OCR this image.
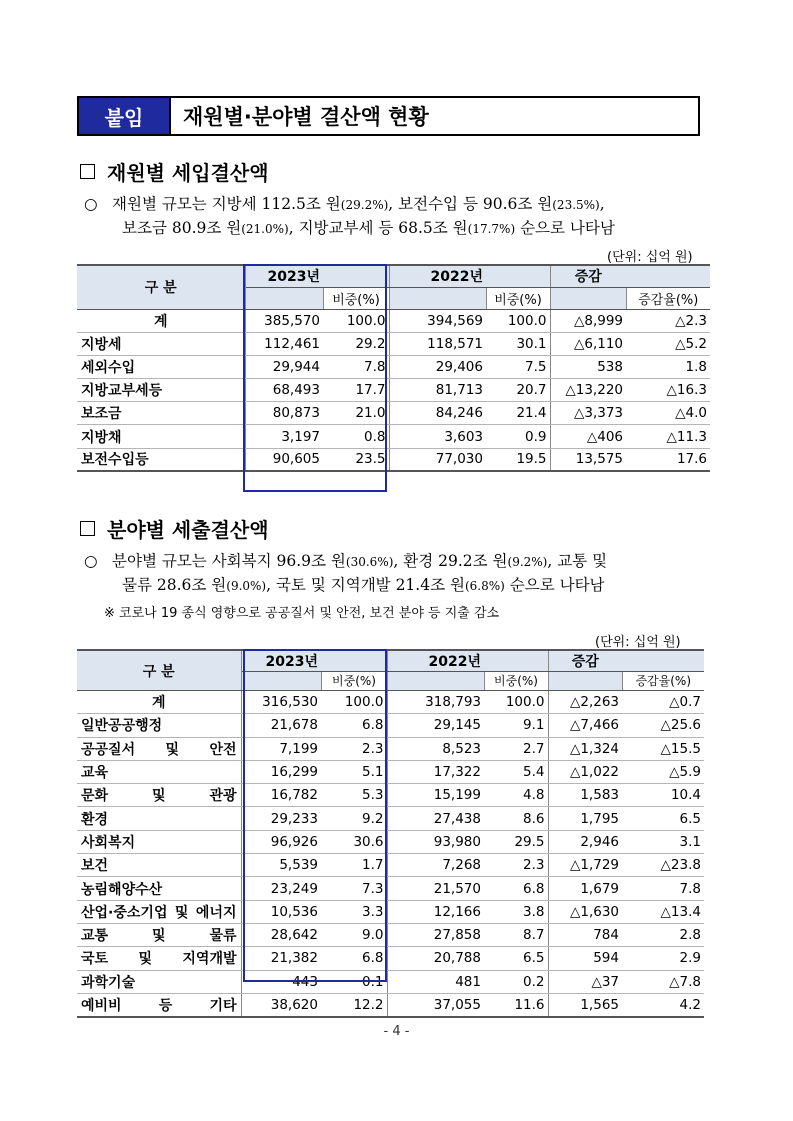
붙임	재원별·분야별 결산액 현황
재원별 세입결산액
○ 재원별 규모는 지방세 112.5조 원(29.2%), 보전수입 등 90.6조 원(23.5%),
보조금 80.9조 원(21.0%), 지방교부세 등 68.5조 원(17.7%) 순으로 나타남
(단위: 십억 원)
구 분	2023년		2022년		증감	
		비중(%)		비중(%)		증감율(%)
계	385,570	100.0	394,569	100.0	△8,999	△2.3
지방세	112,461	29.2	118,571	30.1	△6,110	△5.2
세외수입	29,944	7.8	29,406	7.5	538	1.8
지방교부세등	68,493	17.7	81,713	20.7	△13,220	△16.3
보조금	80,873	21.0	84,246	21.4	△3,373	△4.0
지방채	3,197	0.8	3,603	0.9	△406	△11.3
보전수입등	90,605	23.5	77,030	19.5	13,575	17.6
분야별 세출결산액
○ 분야별 규모는 사회복지 96.9조 원(30.6%), 환경 29.2조 원(9.2%), 교통 및
물류 28.6조 원(9.0%), 국토 및 지역개발 21.4조 원(6.8%) 순으로 나타남
※ 코로나 19 종식 영향으로 공공질서 및 안전, 보건 분야 등 지출 감소
(단위: 십억 원)
구 분	2023년		2022년		증감	
		비중(%)		비중(%)		증감율(%)
계	316,530	100.0	318,793	100.0	△2,263	△0.7
일반공공행정	21,678	6.8	29,145	9.1	△7,466	△25.6
공공질서 및 안전	7,199	2.3	8,523	2.7	△1,324	△15.5
교육	16,299	5.1	17,322	5.4	△1,022	△5.9
문화 및 관광	16,782	5.3	15,199	4.8	1,583	10.4
환경	29,233	9.2	27,438	8.6	1,795	6.5
사회복지	96,926	30.6	93,980	29.5	2,946	3.1
보건	5,539	1.7	7,268	2.3	△1,729	△23.8
농림해양수산	23,249	7.3	21,570	6.8	1,679	7.8
산업·중소기업 및 에너지	10,536	3.3	12,166	3.8	△1,630	△13.4
교통 및 물류	28,642	9.0	27,858	8.7	784	2.8
국토 및 지역개발	21,382	6.8	20,788	6.5	594	2.9
과학기술	443	0.1	481	0.2	△37	△7.8
예비비 등 기타	38,620	12.2	37,055	11.6	1,565	4.2
- 4 -
